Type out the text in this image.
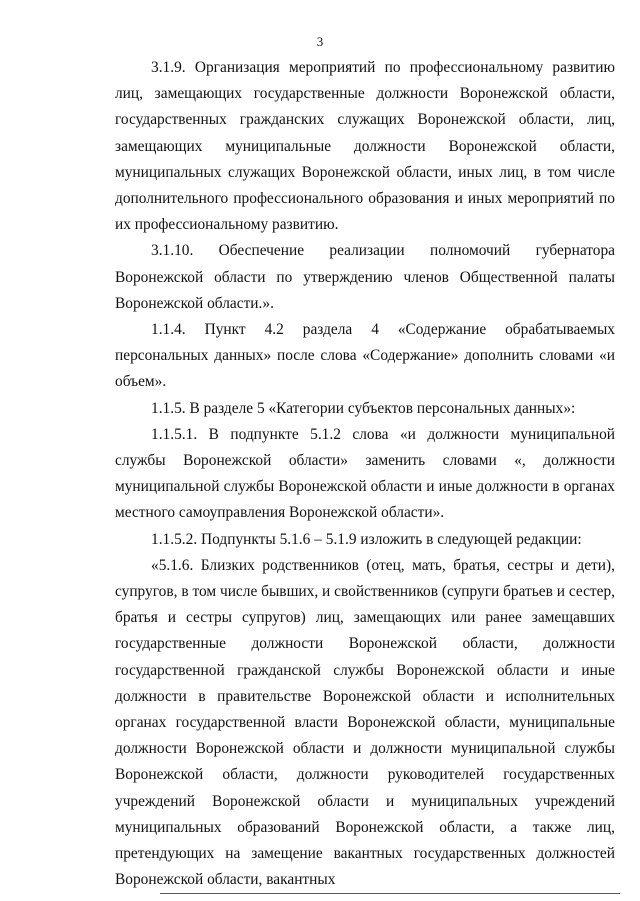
3

3.1.9. Организация мероприятий по профессиональному развитию лиц, замещающих государственные должности Воронежской области, государственных гражданских служащих Воронежской области, лиц, замещающих муниципальные должности Воронежской области, муниципальных служащих Воронежской области, иных лиц, в том числе дополнительного профессионального образования и иных мероприятий по их профессиональному развитию.

3.1.10. Обеспечение реализации полномочий губернатора Воронежской области по утверждению членов Общественной палаты Воронежской области.».

1.1.4. Пункт 4.2 раздела 4 «Содержание обрабатываемых персональных данных» после слова «Содержание» дополнить словами «и объем».

1.1.5. В разделе 5 «Категории субъектов персональных данных»:

1.1.5.1. В подпункте 5.1.2 слова «и должности муниципальной службы Воронежской области» заменить словами «, должности муниципальной службы Воронежской области и иные должности в органах местного самоуправления Воронежской области».

1.1.5.2. Подпункты 5.1.6 – 5.1.9 изложить в следующей редакции:

«5.1.6. Близких родственников (отец, мать, братья, сестры и дети), супругов, в том числе бывших, и свойственников (супруги братьев и сестер, братья и сестры супругов) лиц, замещающих или ранее замещавших государственные должности Воронежской области, должности государственной гражданской службы Воронежской области и иные должности в правительстве Воронежской области и исполнительных органах государственной власти Воронежской области, муниципальные должности Воронежской области и должности муниципальной службы Воронежской области, должности руководителей государственных учреждений Воронежской области и муниципальных учреждений муниципальных образований Воронежской области, а также лиц, претендующих на замещение вакантных государственных должностей Воронежской области, вакантных
